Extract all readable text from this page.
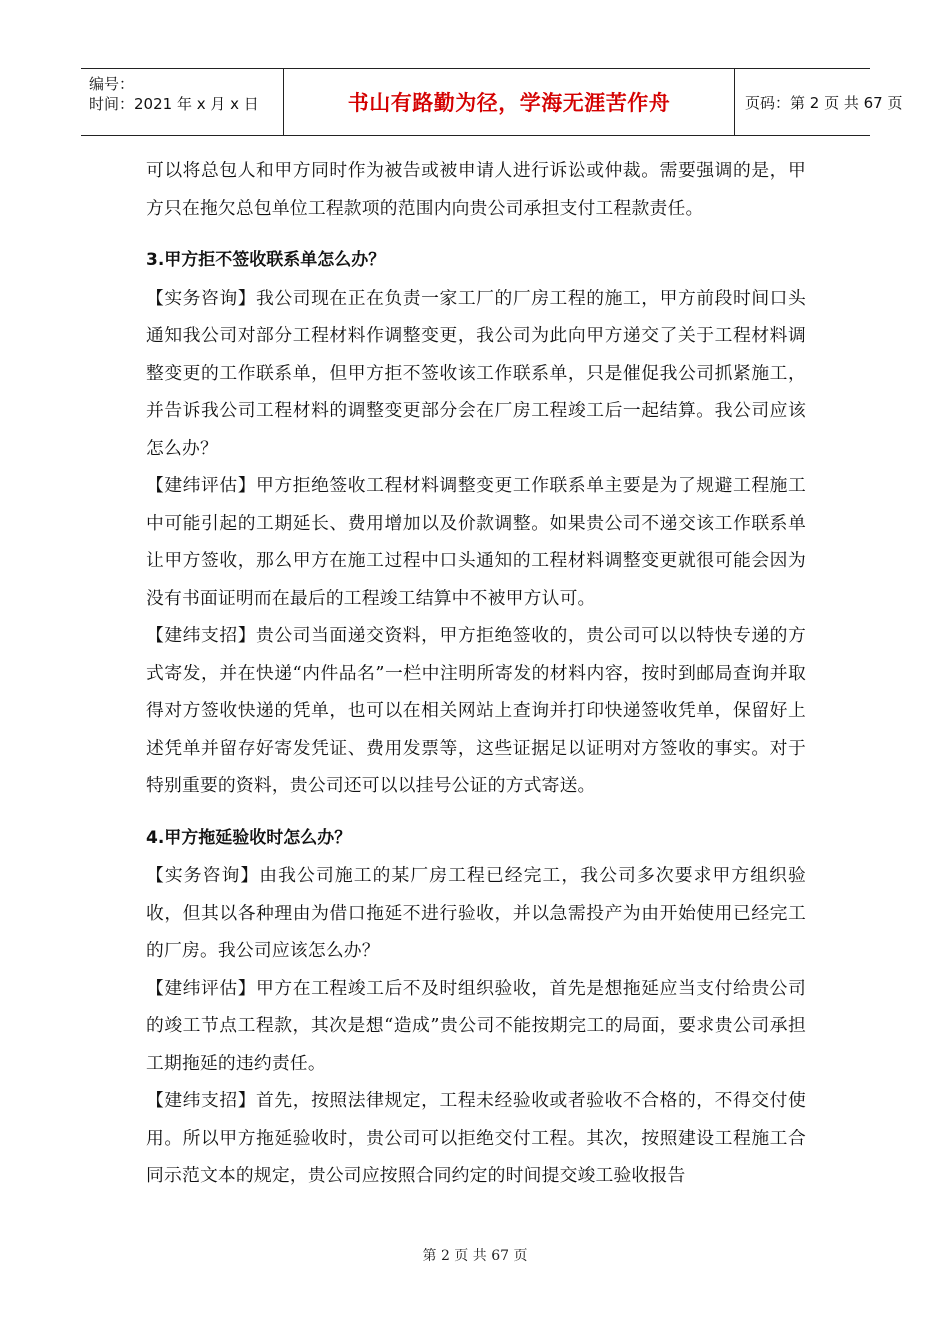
编号：
时间：2021 年 x 月 x 日	书山有路勤为径，学海无涯苦作舟	页码：第 2 页 共 67 页

可以将总包人和甲方同时作为被告或被申请人进行诉讼或仲裁。需要强调的是，甲方只在拖欠总包单位工程款项的范围内向贵公司承担支付工程款责任。

3.甲方拒不签收联系单怎么办？

【实务咨询】我公司现在正在负责一家工厂的厂房工程的施工，甲方前段时间口头通知我公司对部分工程材料作调整变更，我公司为此向甲方递交了关于工程材料调整变更的工作联系单，但甲方拒不签收该工作联系单，只是催促我公司抓紧施工，并告诉我公司工程材料的调整变更部分会在厂房工程竣工后一起结算。我公司应该怎么办？

【建纬评估】甲方拒绝签收工程材料调整变更工作联系单主要是为了规避工程施工中可能引起的工期延长、费用增加以及价款调整。如果贵公司不递交该工作联系单让甲方签收，那么甲方在施工过程中口头通知的工程材料调整变更就很可能会因为没有书面证明而在最后的工程竣工结算中不被甲方认可。

【建纬支招】贵公司当面递交资料，甲方拒绝签收的，贵公司可以以特快专递的方式寄发，并在快递“内件品名”一栏中注明所寄发的材料内容，按时到邮局查询并取得对方签收快递的凭单，也可以在相关网站上查询并打印快递签收凭单，保留好上述凭单并留存好寄发凭证、费用发票等，这些证据足以证明对方签收的事实。对于特别重要的资料，贵公司还可以以挂号公证的方式寄送。

4.甲方拖延验收时怎么办？

【实务咨询】由我公司施工的某厂房工程已经完工，我公司多次要求甲方组织验收，但其以各种理由为借口拖延不进行验收，并以急需投产为由开始使用已经完工的厂房。我公司应该怎么办？

【建纬评估】甲方在工程竣工后不及时组织验收，首先是想拖延应当支付给贵公司的竣工节点工程款，其次是想“造成”贵公司不能按期完工的局面，要求贵公司承担工期拖延的违约责任。

【建纬支招】首先，按照法律规定，工程未经验收或者验收不合格的，不得交付使用。所以甲方拖延验收时，贵公司可以拒绝交付工程。其次，按照建设工程施工合同示范文本的规定，贵公司应按照合同约定的时间提交竣工验收报告

第 2 页 共 67 页
